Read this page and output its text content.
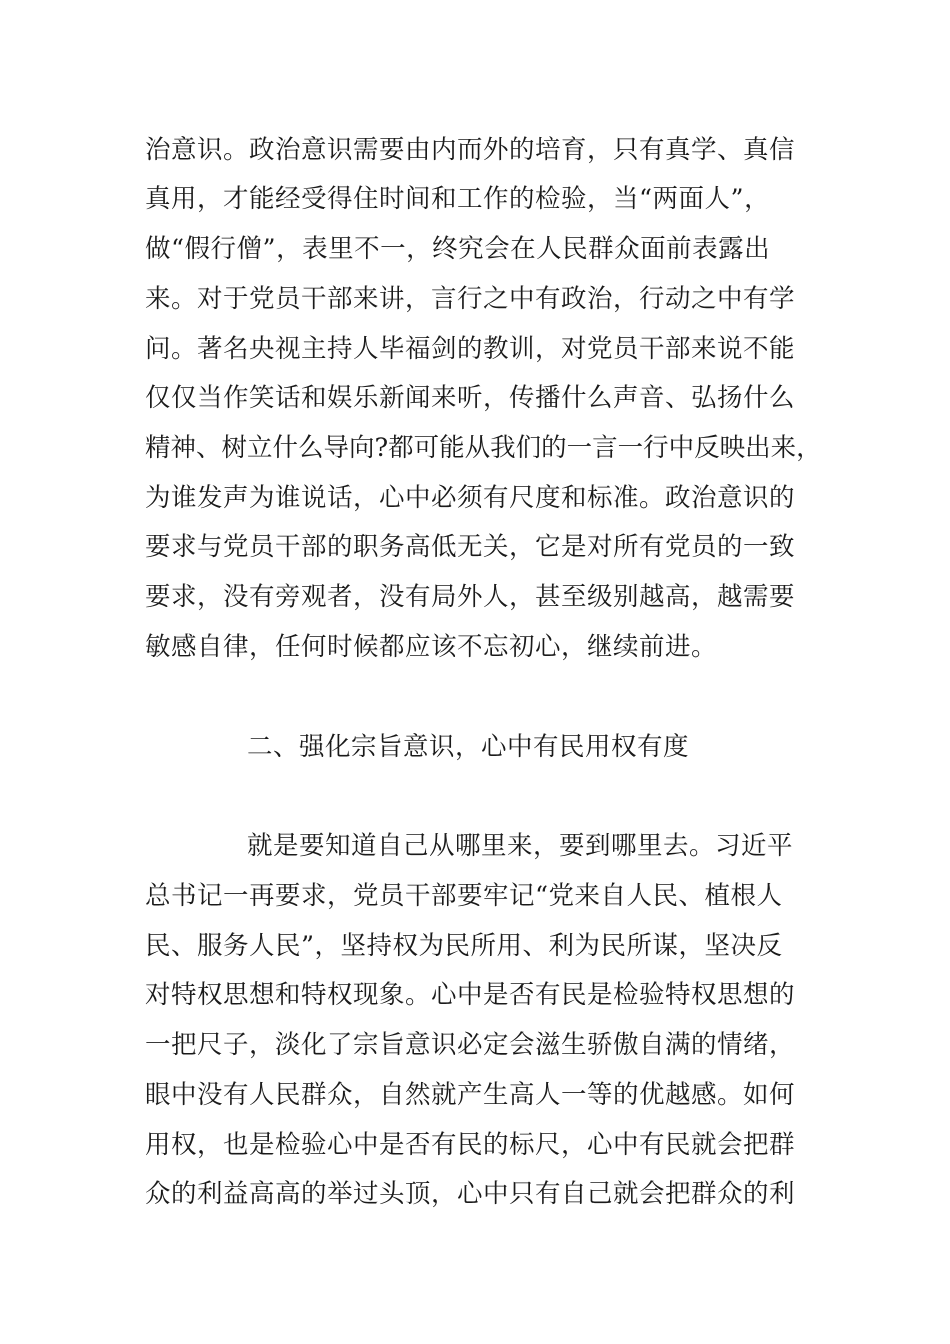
治意识。政治意识需要由内而外的培育，只有真学、真信
真用，才能经受得住时间和工作的检验，当“两面人”，
做“假行僧”，表里不一，终究会在人民群众面前表露出
来。对于党员干部来讲，言行之中有政治，行动之中有学
问。著名央视主持人毕福剑的教训，对党员干部来说不能
仅仅当作笑话和娱乐新闻来听，传播什么声音、弘扬什么
精神、树立什么导向?都可能从我们的一言一行中反映出来，
为谁发声为谁说话，心中必须有尺度和标准。政治意识的
要求与党员干部的职务高低无关，它是对所有党员的一致
要求，没有旁观者，没有局外人，甚至级别越高，越需要
敏感自律，任何时候都应该不忘初心，继续前进。
二、强化宗旨意识，心中有民用权有度
就是要知道自己从哪里来，要到哪里去。习近平
总书记一再要求，党员干部要牢记“党来自人民、植根人
民、服务人民”，坚持权为民所用、利为民所谋，坚决反
对特权思想和特权现象。心中是否有民是检验特权思想的
一把尺子，淡化了宗旨意识必定会滋生骄傲自满的情绪，
眼中没有人民群众，自然就产生高人一等的优越感。如何
用权，也是检验心中是否有民的标尺，心中有民就会把群
众的利益高高的举过头顶，心中只有自己就会把群众的利
